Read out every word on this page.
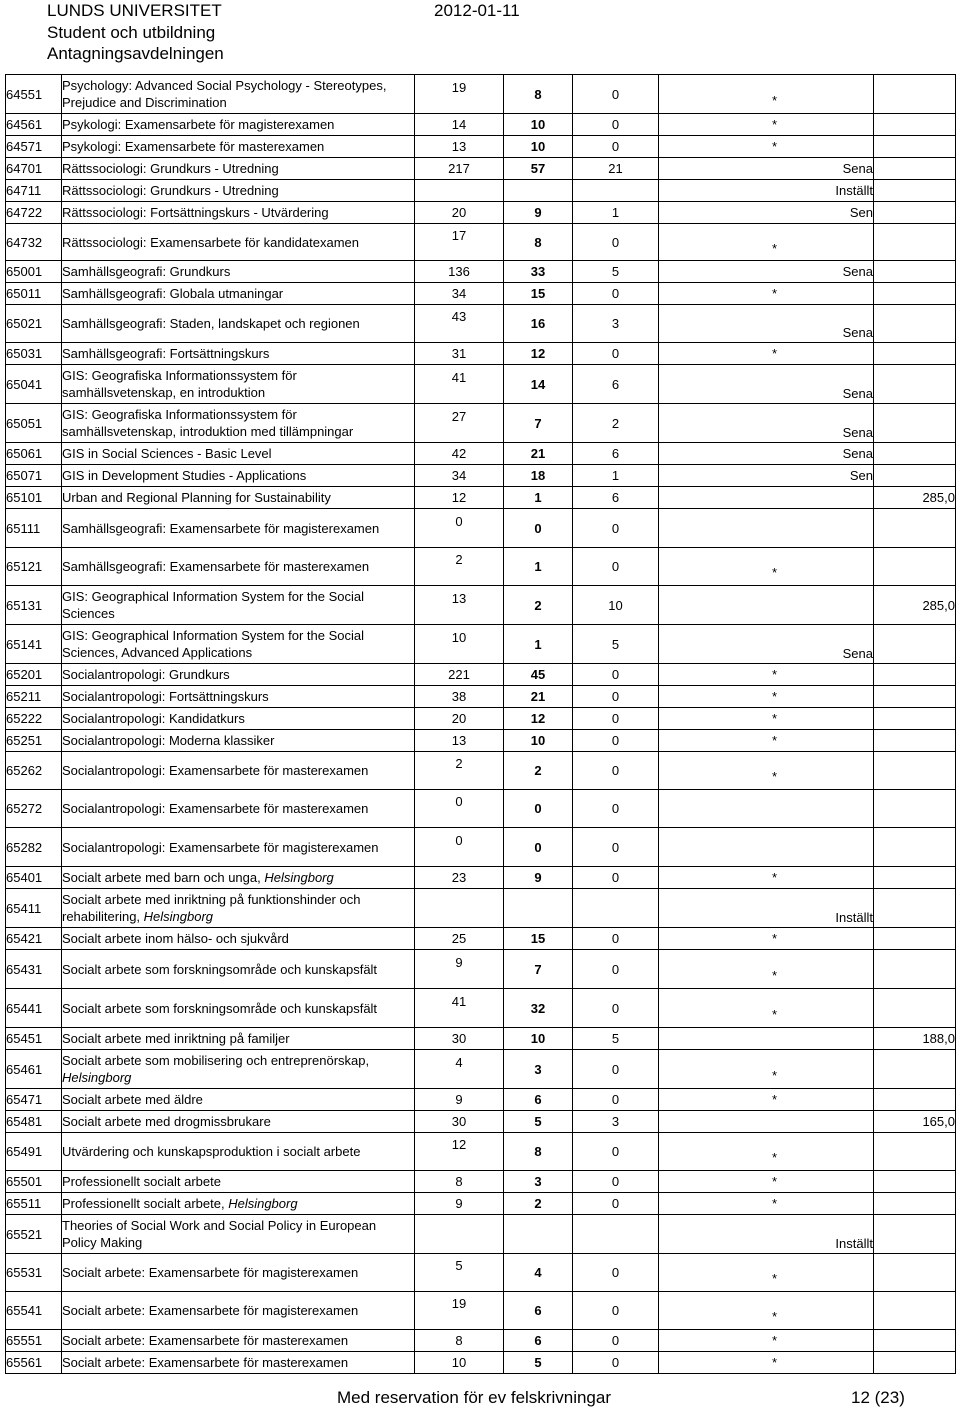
LUNDS UNIVERSITET
Student och utbildning
Antagningsavdelningen
2012-01-11
64551	Psychology: Advanced Social Psychology - Stereotypes, Prejudice and Discrimination	19	8	0	*	
64561	Psykologi: Examensarbete för magisterexamen	14	10	0	*	
64571	Psykologi: Examensarbete för masterexamen	13	10	0	*	
64701	Rättssociologi: Grundkurs - Utredning	217	57	21	Sena	
64711	Rättssociologi: Grundkurs - Utredning				Inställt	
64722	Rättssociologi: Fortsättningskurs - Utvärdering	20	9	1	Sen	
64732	Rättssociologi: Examensarbete för kandidatexamen	17	8	0	*	
65001	Samhällsgeografi: Grundkurs	136	33	5	Sena	
65011	Samhällsgeografi: Globala utmaningar	34	15	0	*	
65021	Samhällsgeografi: Staden, landskapet och regionen	43	16	3	Sena	
65031	Samhällsgeografi: Fortsättningskurs	31	12	0	*	
65041	GIS: Geografiska Informationssystem för samhällsvetenskap, en introduktion	41	14	6	Sena	
65051	GIS: Geografiska Informationssystem för samhällsvetenskap, introduktion med tillämpningar	27	7	2	Sena	
65061	GIS in Social Sciences - Basic Level	42	21	6	Sena	
65071	GIS in Development Studies - Applications	34	18	1	Sen	
65101	Urban and Regional Planning for Sustainability	12	1	6		285,0
65111	Samhällsgeografi: Examensarbete för magisterexamen	0	0	0		
65121	Samhällsgeografi: Examensarbete för masterexamen	2	1	0	*	
65131	GIS: Geographical Information System for the Social Sciences	13	2	10		285,0
65141	GIS: Geographical Information System for the Social Sciences, Advanced Applications	10	1	5	Sena	
65201	Socialantropologi: Grundkurs	221	45	0	*	
65211	Socialantropologi: Fortsättningskurs	38	21	0	*	
65222	Socialantropologi: Kandidatkurs	20	12	0	*	
65251	Socialantropologi: Moderna klassiker	13	10	0	*	
65262	Socialantropologi: Examensarbete för masterexamen	2	2	0	*	
65272	Socialantropologi: Examensarbete för masterexamen	0	0	0		
65282	Socialantropologi: Examensarbete för magisterexamen	0	0	0		
65401	Socialt arbete med barn och unga, Helsingborg	23	9	0	*	
65411	Socialt arbete med inriktning på funktionshinder och rehabilitering, Helsingborg				Inställt	
65421	Socialt arbete inom hälso- och sjukvård	25	15	0	*	
65431	Socialt arbete som forskningsområde och kunskapsfält	9	7	0	*	
65441	Socialt arbete som forskningsområde och kunskapsfält	41	32	0	*	
65451	Socialt arbete med inriktning på familjer	30	10	5		188,0
65461	Socialt arbete som mobilisering och entreprenörskap, Helsingborg	4	3	0	*	
65471	Socialt arbete med äldre	9	6	0	*	
65481	Socialt arbete med drogmissbrukare	30	5	3		165,0
65491	Utvärdering och kunskapsproduktion i socialt arbete	12	8	0	*	
65501	Professionellt socialt arbete	8	3	0	*	
65511	Professionellt socialt arbete, Helsingborg	9	2	0	*	
65521	Theories of Social Work and Social Policy in European Policy Making				Inställt	
65531	Socialt arbete: Examensarbete för magisterexamen	5	4	0	*	
65541	Socialt arbete: Examensarbete för magisterexamen	19	6	0	*	
65551	Socialt arbete: Examensarbete för masterexamen	8	6	0	*	
65561	Socialt arbete: Examensarbete för masterexamen	10	5	0	*	
Med reservation för ev felskrivningar	12 (23)
